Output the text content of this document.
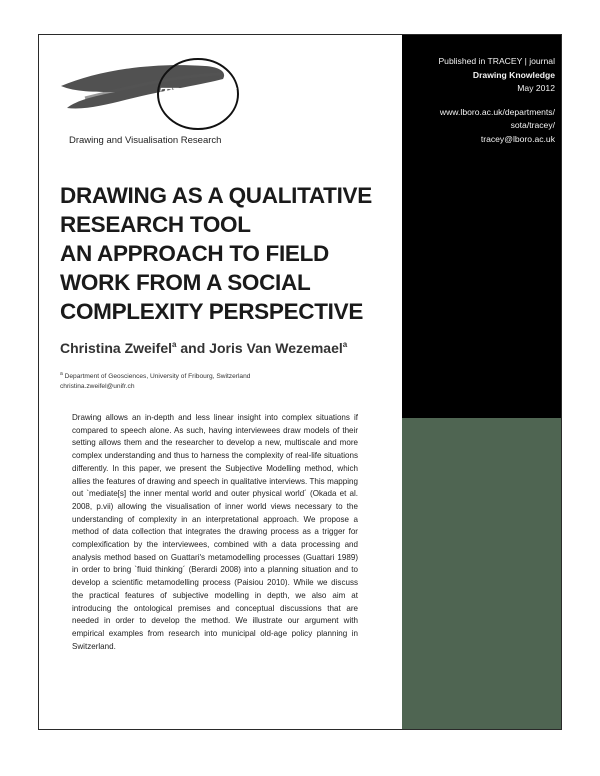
Published in TRACEY | journal
Drawing Knowledge
May 2012
www.lboro.ac.uk/departments/
sota/tracey/
tracey@lboro.ac.uk
TRACEY
Drawing and Visualisation Research
DRAWING AS A QUALITATIVE
RESEARCH TOOL
AN APPROACH TO FIELD
WORK FROM A SOCIAL
COMPLEXITY PERSPECTIVE
Christina Zweifel$^a$ and Joris Van Wezemael$^a$
$^a$ Department of Geosciences, University of Fribourg, Switzerland
christina.zweifel@unifr.ch
Drawing allows an in-depth and less linear insight into complex situations if compared to speech alone. As such, having interviewees draw models of their setting allows them and the researcher to develop a new, multiscale and more complex understanding and thus to harness the complexity of real-life situations differently. In this paper, we present the Subjective Modelling method, which allies the features of drawing and speech in qualitative interviews. This mapping out `mediate[s] the inner mental world and outer physical world´ (Okada et al. 2008, p.vii) allowing the visualisation of inner world views necessary to the understanding of complexity in an interpretational approach. We propose a method of data collection that integrates the drawing process as a trigger for complexification by the interviewees, combined with a data processing and analysis method based on Guattari's metamodelling processes (Guattari 1989) in order to bring `fluid thinking´ (Berardi 2008) into a planning situation and to develop a scientific metamodelling process (Paisiou 2010). While we discuss the practical features of subjective modelling in depth, we also aim at introducing the ontological premises and conceptual discussions that are needed in order to develop the method. We illustrate our argument with empirical examples from research into municipal old-age policy planning in Switzerland.
